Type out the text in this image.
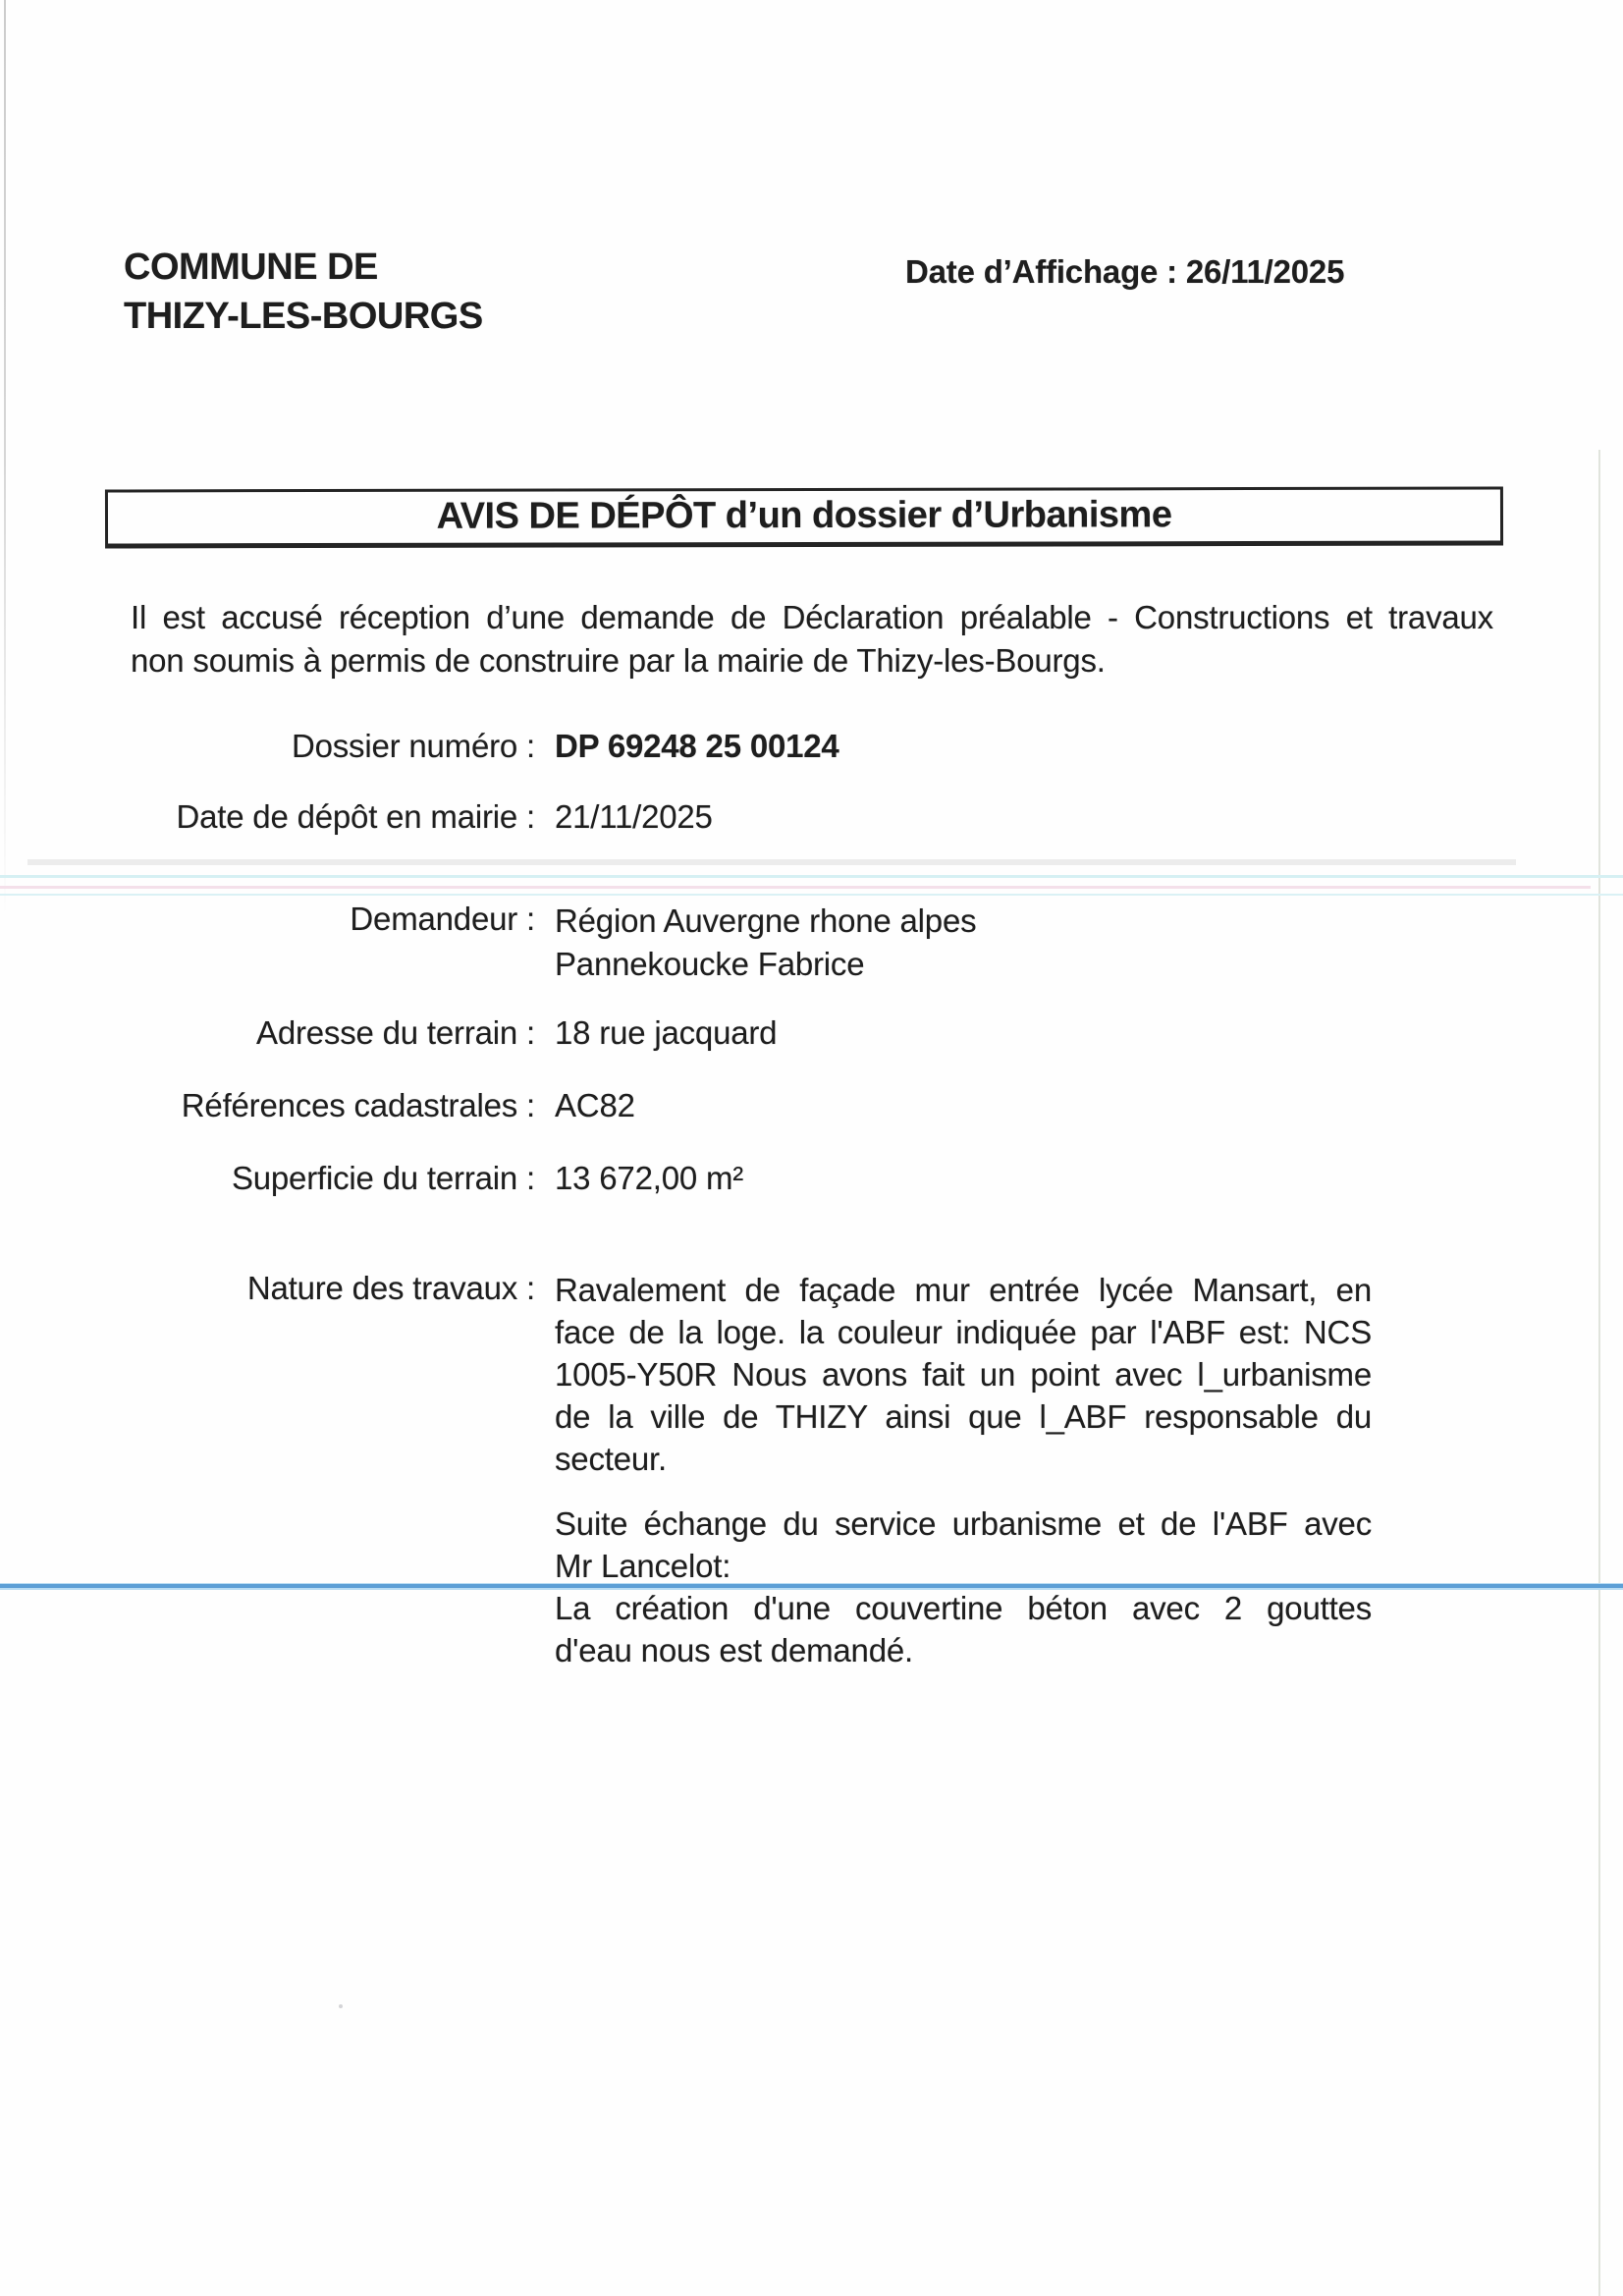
COMMUNE DE
THIZY-LES-BOURGS
Date d’Affichage : 26/11/2025
AVIS DE DÉPÔT d’un dossier d’Urbanisme
Il est accusé réception d’une demande de Déclaration préalable - Constructions et travaux
non soumis à permis de construire par la mairie de Thizy-les-Bourgs.
Dossier numéro : DP 69248 25 00124
Date de dépôt en mairie : 21/11/2025
Demandeur : Région Auvergne rhone alpes
Pannekoucke Fabrice
Adresse du terrain : 18 rue jacquard
Références cadastrales : AC82
Superficie du terrain : 13 672,00 m²
Nature des travaux : Ravalement de façade mur entrée lycée Mansart, en
face de la loge. la couleur indiquée par l'ABF est: NCS
1005-Y50R Nous avons fait un point avec l_urbanisme
de la ville de THIZY ainsi que l_ABF responsable du
secteur.
Suite échange du service urbanisme et de l'ABF avec
Mr Lancelot:
La création d'une couvertine béton avec 2 gouttes
d'eau nous est demandé.
